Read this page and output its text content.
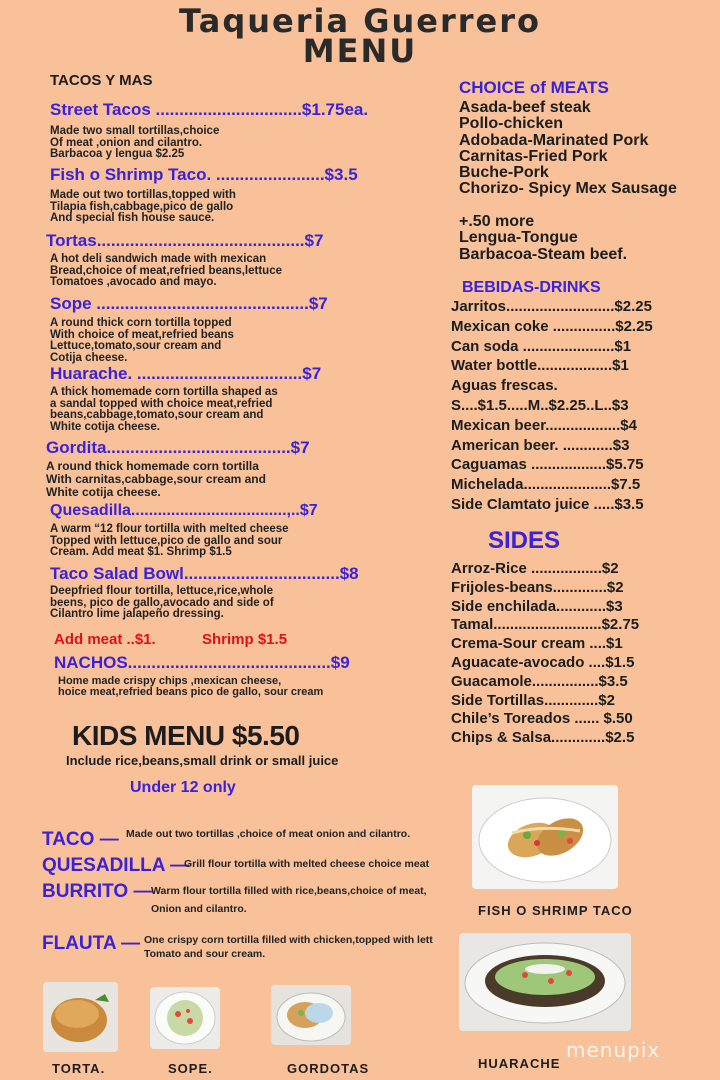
Taqueria Guerrero
MENU
TACOS Y MAS
Street Tacos ...............................$1.75ea.
Made two small tortillas,choice
Of meat ,onion and cilantro.
Barbacoa y lengua $2.25
Fish o Shrimp Taco. .......................$3.5
Made out two tortillas,topped with
Tilapia fish,cabbage,pico de gallo
And special fish house sauce.
Tortas............................................$7
A hot deli sandwich made with mexican
Bread,choice of meat,refried beans,lettuce
Tomatoes ,avocado and mayo.
Sope .............................................$7
A round thick corn tortilla topped
With choice of meat,refried beans
Lettuce,tomato,sour cream and
Cotija cheese.
Huarache. ...................................$7
A thick homemade corn tortilla shaped as
a sandal topped with choice meat,refried
beans,cabbage,tomato,sour cream and
White cotija cheese.
Gordita.......................................$7
A round thick homemade corn tortilla
With carnitas,cabbage,sour cream and
White cotija cheese.
Quesadilla...................................,..$7
A warm “12 flour tortilla with melted cheese
Topped with lettuce,pico de gallo and sour
Cream. Add meat $1. Shrimp $1.5
Taco Salad Bowl.................................$8
Deepfried flour tortilla, lettuce,rice,whole
beens, pico de gallo,avocado and side of
Cilantro lime jalapeño dressing.
Add meat ..$1.	Shrimp $1.5
NACHOS...........................................$9
Home made crispy chips ,mexican cheese,
hoice meat,refried beans pico de gallo, sour cream
CHOICE of MEATS
Asada-beef steak
Pollo-chicken
Adobada-Marinated Pork
Carnitas-Fried Pork
Buche-Pork
Chorizo- Spicy Mex Sausage
+.50 more
Lengua-Tongue
Barbacoa-Steam beef.
BEBIDAS-DRINKS
Jarritos..........................$2.25
Mexican coke ...............$2.25
Can soda ......................$1
Water bottle..................$1
Aguas frescas.
S....$1.5.....M..$2.25..L..$3
Mexican beer..................$4
American beer. ............$3
Caguamas ..................$5.75
Michelada.....................$7.5
Side Clamtato juice .....$3.5
SIDES
Arroz-Rice .................$2
Frijoles-beans.............$2
Side enchilada............$3
Tamal..........................$2.75
Crema-Sour cream ....$1
Aguacate-avocado ....$1.5
Guacamole................$3.5
Side Tortillas.............$2
Chile’s Toreados ...... $.50
Chips & Salsa.............$2.5
KIDS MENU $5.50
Include rice,beans,small drink or small juice
Under 12 only
TACO — Made out two tortillas ,choice of meat onion and cilantro.
QUESADILLA —
Grill flour tortilla with melted cheese choice meat
BURRITO —
Warm flour tortilla filled with rice,beans,choice of meat,
Onion and cilantro.
FLAUTA — One crispy corn tortilla filled with chicken,topped with lett
Tomato and sour cream.
FISH O SHRIMP TACO
HUARACHE
TORTA.	SOPE.	GORDOTAS
menupix
